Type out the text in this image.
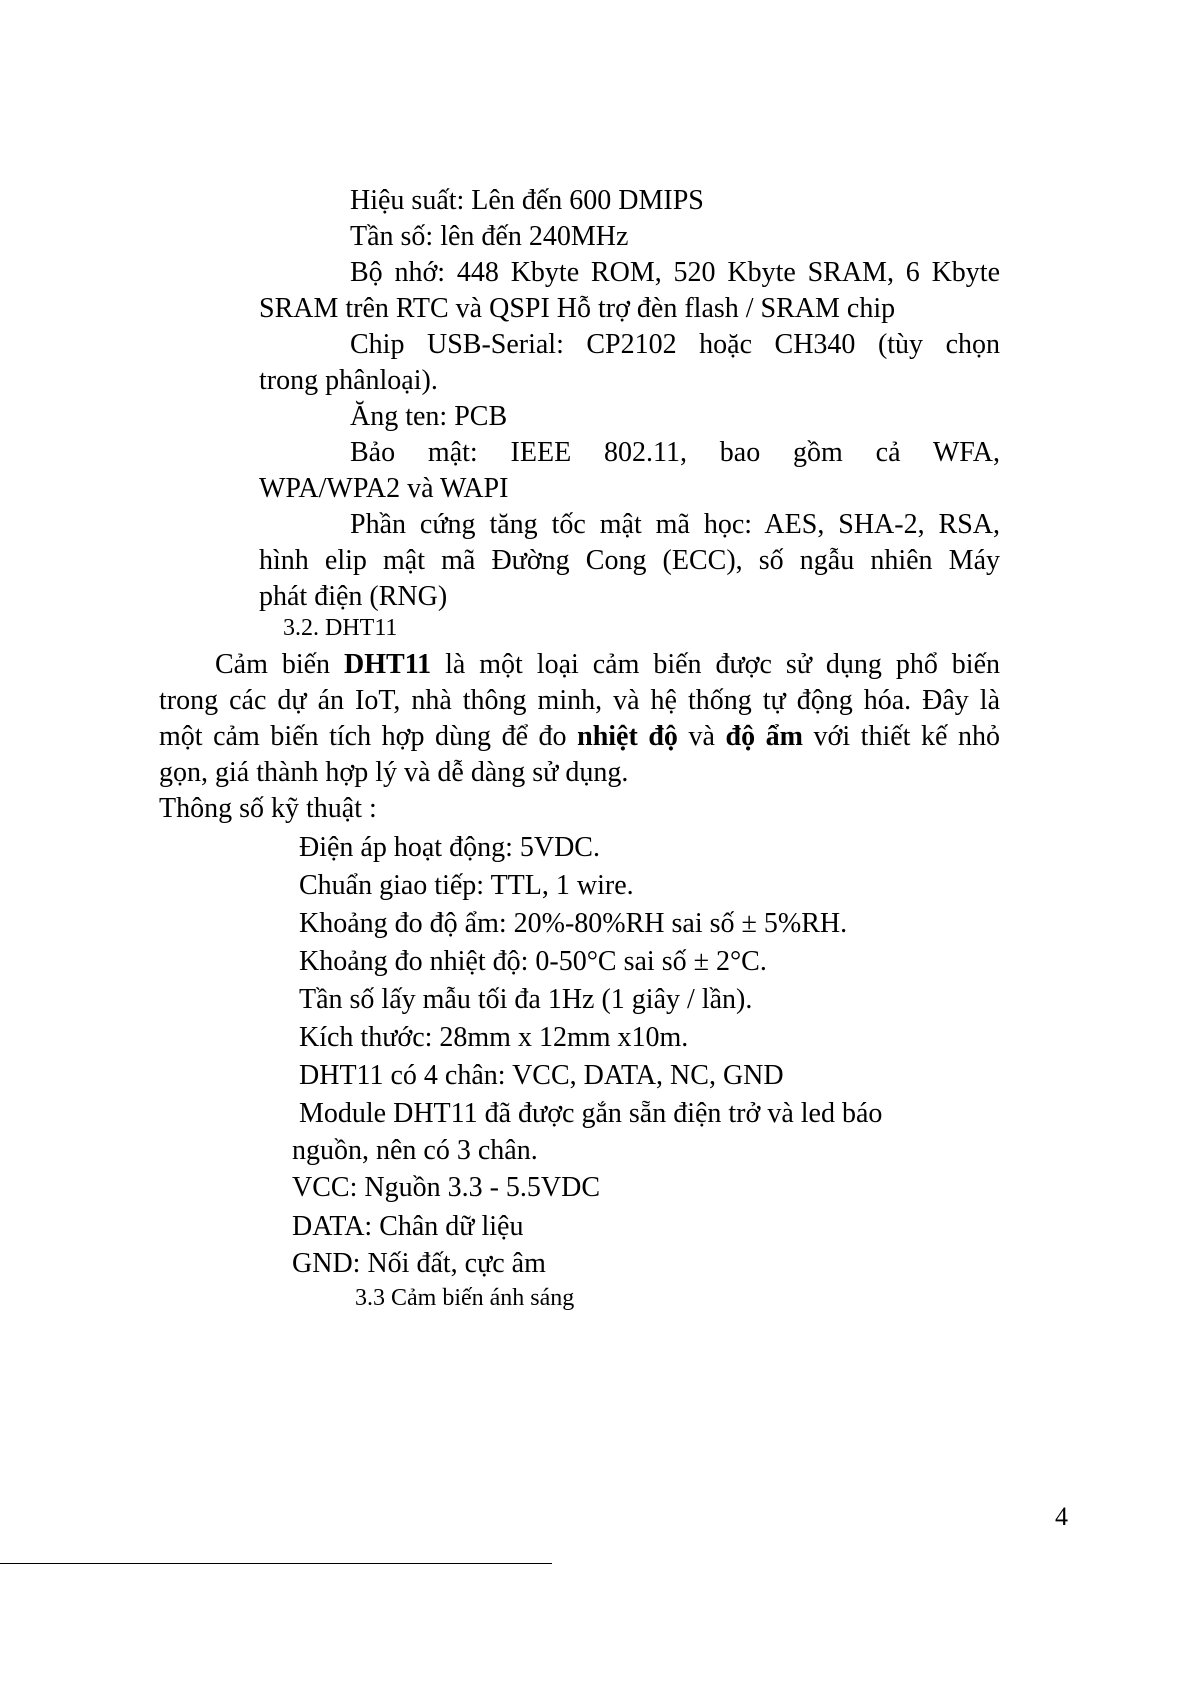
Hiệu suất: Lên đến 600 DMIPS
Tần số: lên đến 240MHz
Bộ nhớ: 448 Kbyte ROM, 520 Kbyte SRAM, 6 Kbyte
SRAM trên RTC và QSPI Hỗ trợ đèn flash / SRAM chip
Chip USB-Serial: CP2102 hoặc CH340 (tùy chọn
trong phânloại).
Ăng ten: PCB
Bảo mật: IEEE 802.11, bao gồm cả WFA,
WPA/WPA2 và WAPI
Phần cứng tăng tốc mật mã học: AES, SHA-2, RSA,
hình elip mật mã Đường Cong (ECC), số ngẫu nhiên Máy
phát điện (RNG)
3.2. DHT11
Cảm biến DHT11 là một loại cảm biến được sử dụng phổ biến
trong các dự án IoT, nhà thông minh, và hệ thống tự động hóa. Đây là
một cảm biến tích hợp dùng để đo nhiệt độ và độ ẩm với thiết kế nhỏ
gọn, giá thành hợp lý và dễ dàng sử dụng.
Thông số kỹ thuật :
Điện áp hoạt động: 5VDC.
Chuẩn giao tiếp: TTL, 1 wire.
Khoảng đo độ ẩm: 20%-80%RH sai số ± 5%RH.
Khoảng đo nhiệt độ: 0-50°C sai số ± 2°C.
Tần số lấy mẫu tối đa 1Hz (1 giây / lần).
Kích thước: 28mm x 12mm x10m.
DHT11 có 4 chân: VCC, DATA, NC, GND
Module DHT11 đã được gắn sẵn điện trở và led báo
nguồn, nên có 3 chân.
VCC: Nguồn 3.3 - 5.5VDC
DATA: Chân dữ liệu
GND: Nối đất, cực âm
3.3 Cảm biến ánh sáng
4
